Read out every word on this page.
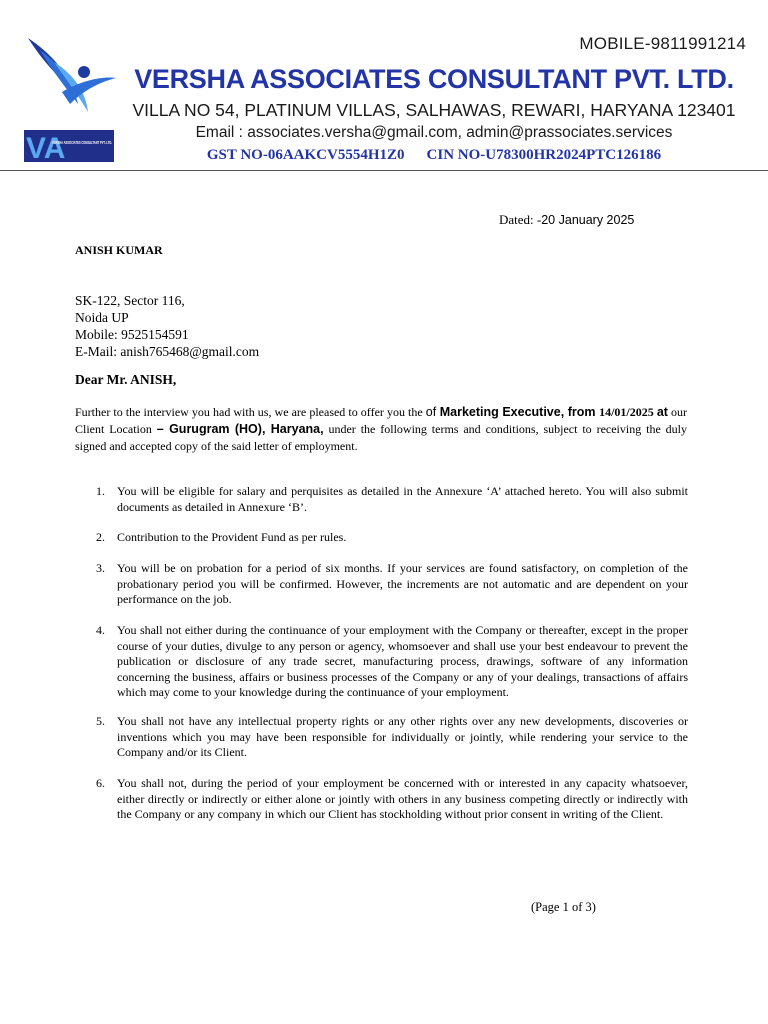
VA
VERSHA ASSOCIATES CONSULTANT PVT. LTD.
MOBILE-9811991214
VERSHA ASSOCIATES CONSULTANT PVT. LTD.
VILLA NO 54, PLATINUM VILLAS, SALHAWAS, REWARI, HARYANA 123401
Email : associates.versha@gmail.com, admin@prassociates.services
GST NO-06AAKCV5554H1Z0 CIN NO-U78300HR2024PTC126186
Dated: -20 January 2025
ANISH KUMAR
SK-122, Sector 116,
Noida UP
Mobile: 9525154591
E-Mail: anish765468@gmail.com
Dear Mr. ANISH,
Further to the interview you had with us, we are pleased to offer you the of Marketing Executive, from 14/01/2025 at our Client Location – Gurugram (HO), Haryana, under the following terms and conditions, subject to receiving the duly signed and accepted copy of the said letter of employment.
1. You will be eligible for salary and perquisites as detailed in the Annexure ‘A’ attached hereto. You will also submit documents as detailed in Annexure ‘B’.
2. Contribution to the Provident Fund as per rules.
3. You will be on probation for a period of six months. If your services are found satisfactory, on completion of the probationary period you will be confirmed. However, the increments are not automatic and are dependent on your performance on the job.
4. You shall not either during the continuance of your employment with the Company or thereafter, except in the proper course of your duties, divulge to any person or agency, whomsoever and shall use your best endeavour to prevent the publication or disclosure of any trade secret, manufacturing process, drawings, software of any information concerning the business, affairs or business processes of the Company or any of your dealings, transactions of affairs which may come to your knowledge during the continuance of your employment.
5. You shall not have any intellectual property rights or any other rights over any new developments, discoveries or inventions which you may have been responsible for individually or jointly, while rendering your service to the Company and/or its Client.
6. You shall not, during the period of your employment be concerned with or interested in any capacity whatsoever, either directly or indirectly or either alone or jointly with others in any business competing directly or indirectly with the Company or any company in which our Client has stockholding without prior consent in writing of the Client.
(Page 1 of 3)
